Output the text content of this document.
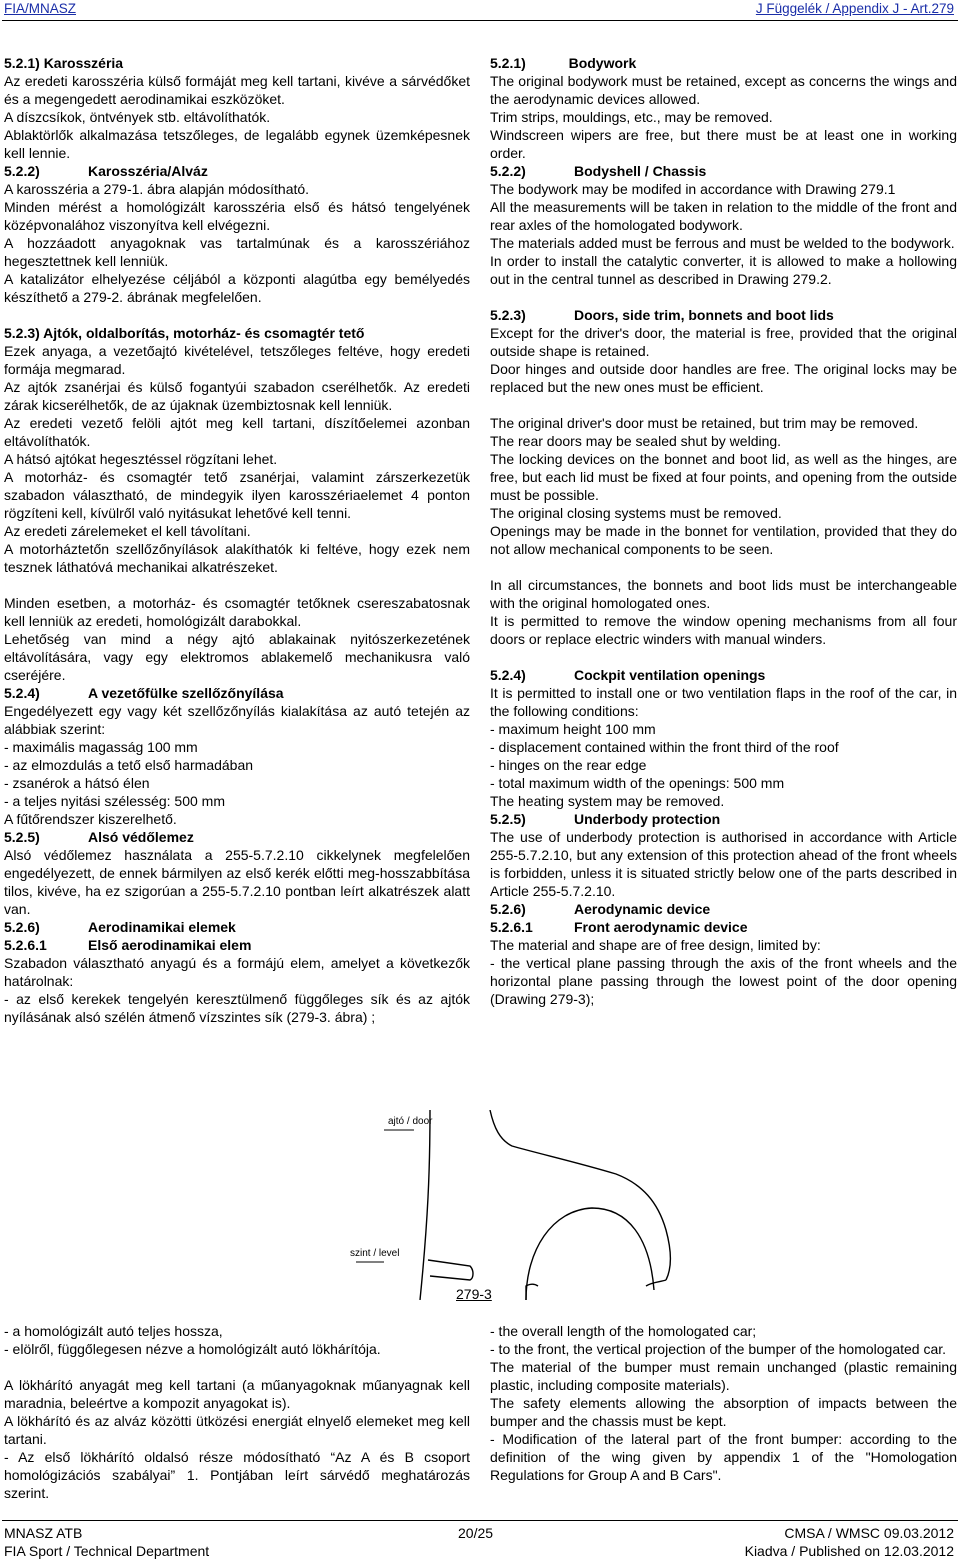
FIA/MNASZ	J Függelék / Appendix J - Art.279

5.2.1) Karosszéria

Az eredeti karosszéria külső formáját meg kell tartani, kivéve a sárvédőket és a megengedett aerodinamikai eszközöket.

A díszcsíkok, öntvények stb. eltávolíthatók.

Ablaktörlők alkalmazása tetszőleges, de legalább egynek üzemképesnek kell lennie.

5.2.2)	Karosszéria/Alváz

A karosszéria a 279-1. ábra alapján módosítható.

Minden mérést a homológizált karosszéria első és hátsó tengelyének középvonalához viszonyítva kell elvégezni.

A hozzáadott anyagoknak vas tartalmúnak és a karosszériához hegesztettnek kell lenniük.

A katalizátor elhelyezése céljából a központi alagútba egy bemélyedés készíthető a 279-2. ábrának megfelelően.

5.2.3) Ajtók, oldalborítás, motorház- és csomagtér tető

Ezek anyaga, a vezetőajtó kivételével, tetszőleges feltéve, hogy eredeti formája megmarad.

Az ajtók zsanérjai és külső fogantyúi szabadon cserélhetők. Az eredeti zárak kicserélhetők, de az újaknak üzembiztosnak kell lenniük.

Az eredeti vezető felöli ajtót meg kell tartani, díszítőelemei azonban eltávolíthatók.

A hátsó ajtókat hegesztéssel rögzítani lehet.

A motorház- és csomagtér tető zsanérjai, valamint zárszerkezetük szabadon választható, de mindegyik ilyen karosszériaelemet 4 ponton rögzíteni kell, kívülről való nyitásukat lehetővé kell tenni.

Az eredeti zárelemeket el kell távolítani.

A motorháztetőn szellőzőnyílások alakíthatók ki feltéve, hogy ezek nem tesznek láthatóvá mechanikai alkatrészeket.

Minden esetben, a motorház- és csomagtér tetőknek csereszabatosnak kell lenniük az eredeti, homológizált darabokkal.

Lehetőség van mind a négy ajtó ablakainak nyitószerkezetének eltávolítására, vagy egy elektromos ablakemelő mechanikusra való cseréjére.

5.2.4)	A vezetőfülke szellőzőnyílása

Engedélyezett egy vagy két szellőzőnyílás kialakítása az autó tetején az alábbiak szerint:

- maximális magasság 100 mm

- az elmozdulás a tető első harmadában

- zsanérok a hátsó élen

- a teljes nyitási szélesség: 500 mm

A fűtőrendszer kiszerelhető.

5.2.5)	Alsó védőlemez

Alsó védőlemez használata a 255-5.7.2.10 cikkelynek megfelelően engedélyezett, de ennek bármilyen az első kerék előtti meg-hosszabbítása tilos, kivéve, ha ez szigorúan a 255-5.7.2.10 pontban leírt alkatrészek alatt van.

5.2.6)	Aerodinamikai elemek

5.2.6.1	Első aerodinamikai elem

Szabadon választható anyagú és a formájú elem, amelyet a következők határolnak:

- az első kerekek tengelyén keresztülmenő függőleges sík és az ajtók nyílásának alsó szélén átmenő vízszintes sík (279-3. ábra) ;

5.2.1)           Bodywork

The original bodywork must be retained, except as concerns the wings and the aerodynamic devices allowed.

Trim strips, mouldings, etc., may be removed.

Windscreen wipers are free, but there must be at least one in working order.

5.2.2)	Bodyshell / Chassis

The bodywork may be modifed in accordance with Drawing 279.1

All the measurements will be taken in relation to the middle of the front and rear axles of the homologated bodywork.

The materials added must be ferrous and must be welded to the bodywork.

In order to install the catalytic converter, it is allowed to make a hollowing out in the central tunnel as described in Drawing 279.2.

5.2.3)	Doors, side trim, bonnets and boot lids

Except for the driver's door, the material is free, provided that the original outside shape is retained.

Door hinges and outside door handles are free. The original locks may be replaced but the new ones must be efficient.

The original driver's door must be retained, but trim may be removed.

The rear doors may be sealed shut by welding.

The locking devices on the bonnet and boot lid, as well as the hinges, are free, but each lid must be fixed at four points, and opening from the outside must be possible.

The original closing systems must be removed.

Openings may be made in the bonnet for ventilation, provided that they do not allow mechanical components to be seen.

In all circumstances, the bonnets and boot lids must be interchangeable with the original homologated ones.

It is permitted to remove the window opening mechanisms from all four doors or replace electric winders with manual winders.

5.2.4)	Cockpit ventilation openings

It is permitted to install one or two ventilation flaps in the roof of the car, in the following conditions:

- maximum height 100 mm

- displacement contained within the front third of the roof

- hinges on the rear edge

- total maximum width of the openings: 500 mm

The heating system may be removed.

5.2.5)	Underbody protection

The use of underbody protection is authorised in accordance with Article 255-5.7.2.10, but any extension of this protection ahead of the front wheels is forbidden, unless it is situated strictly below one of the parts described in Article 255-5.7.2.10.

5.2.6)	Aerodynamic device

5.2.6.1	Front aerodynamic device

The material and shape are of free design, limited by:

- the vertical plane passing through the axis of the front wheels and the horizontal plane passing through the lowest point of the door opening (Drawing 279-3);

ajtó / door
szint / level
279-3

- a homológizált autó teljes hossza,

- elölről, függőlegesen nézve a homológizált autó lökhárítója.

A lökhárító anyagát meg kell tartani (a műanyagoknak műanyagnak kell maradnia, beleértve a kompozit anyagokat is).

A lökhárító és az alváz közötti ütközési energiát elnyelő elemeket meg kell tartani.

- Az első lökhárító oldalsó része módosítható “Az A és B csoport homológizációs szabályai” 1. Pontjában leírt sárvédő meghatározás szerint.

- the overall length of the homologated car;

- to the front, the vertical projection of the bumper of the homologated car.

The material of the bumper must remain unchanged (plastic remaining plastic, including composite materials).

The safety elements allowing the absorption of impacts between the bumper and the chassis must be kept.

- Modification of the lateral part of the front bumper: according to the definition of the wing given by appendix 1 of the "Homologation Regulations for Group A and B Cars".

MNASZ ATB
FIA Sport / Technical Department
20/25	CMSA / WMSC 09.03.2012
Kiadva / Published on 12.03.2012
